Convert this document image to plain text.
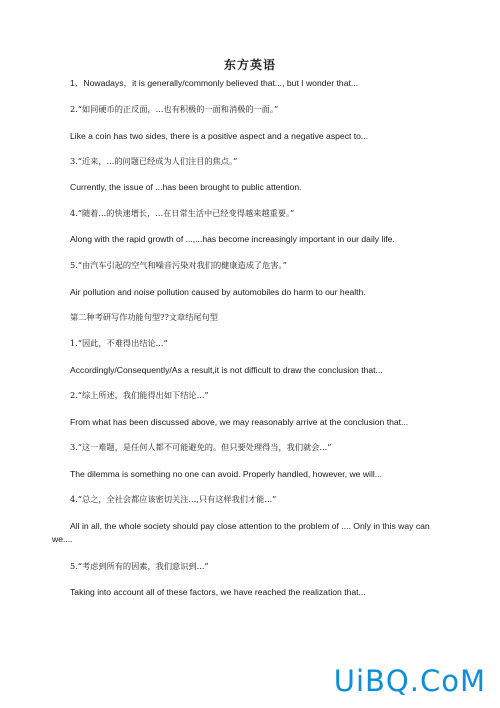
东方英语
1、Nowadays，it is generally/commonly believed that..., but I wonder that...
2.“如同硬币的正反面，...也有积极的一面和消极的一面。”
Like a coin has two sides, there is a positive aspect and a negative aspect to...
3.“近来，...的问题已经成为人们注目的焦点。”
Currently, the issue of ...has been brought to public attention.
4.“随着...的快速增长，...在日常生活中已经变得越来越重要。”
Along with the rapid growth of ...,...has become increasingly important in our daily life.
5.“由汽车引起的空气和噪音污染对我们的健康造成了危害。”
Air pollution and noise pollution caused by automobiles do harm to our health.
第二种考研写作功能句型??文章结尾句型
1.“因此，不难得出结论...”
Accordingly/Consequently/As a result,it is not difficult to draw the conclusion that...
2.“综上所述，我们能得出如下结论...”
From what has been discussed above, we may reasonably arrive at the conclusion that...
3.“这一难题，是任何人都不可能避免的。但只要处理得当，我们就会...”
The dilemma is something no one can avoid. Properly handled, however, we will...
4.“总之，全社会都应该密切关注...,只有这样我们才能...”
All in all, the whole society should pay close attention to the problem of .... Only in this way can
we....
5.“考虑到所有的因素，我们意识到...”
Taking into account all of these factors, we have reached the realization that...
UiBQ.CoM
